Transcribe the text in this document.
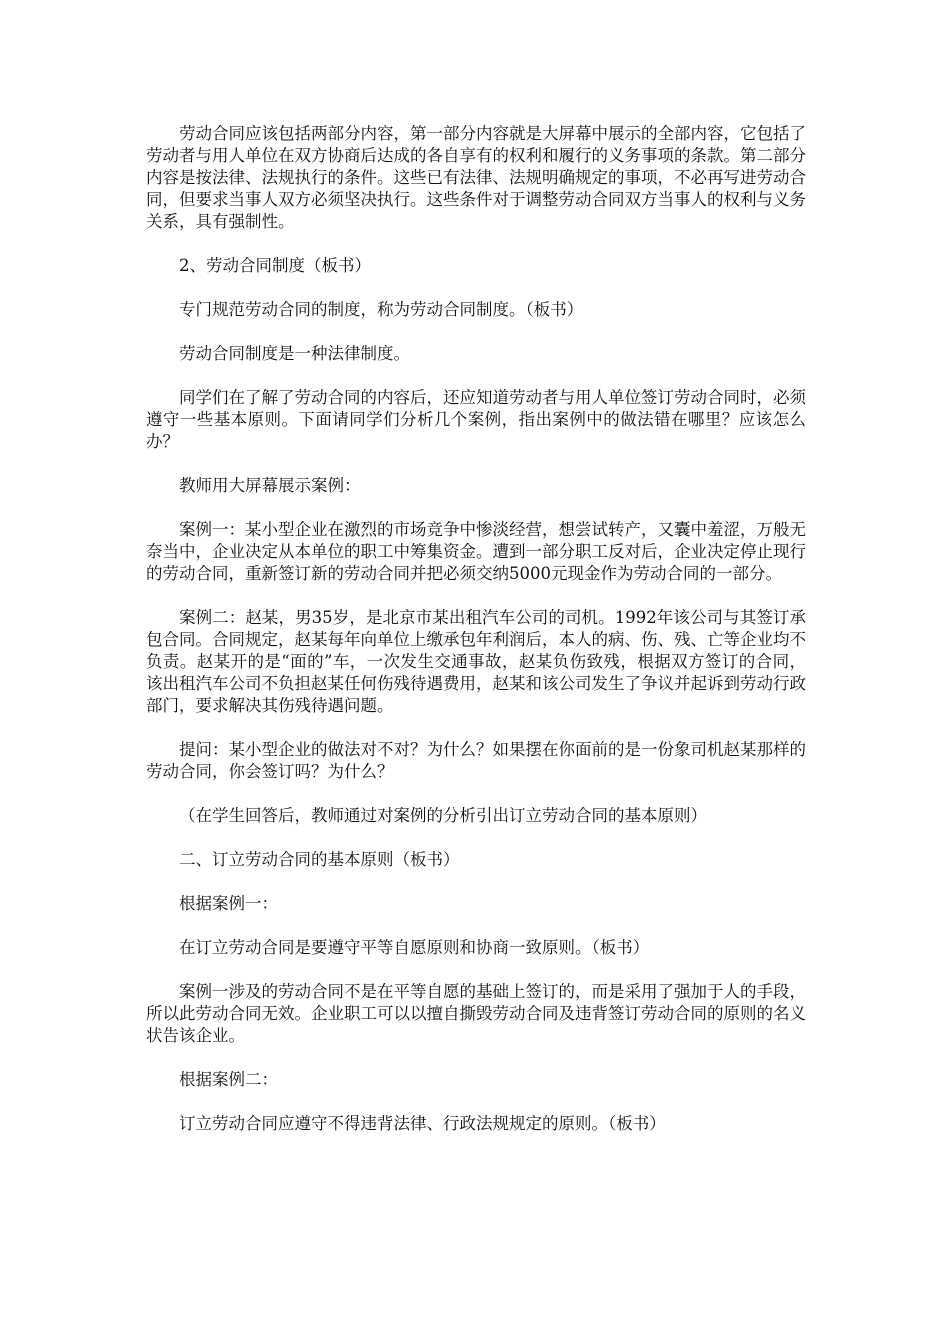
劳动合同应该包括两部分内容，第一部分内容就是大屏幕中展示的全部内容，它包括了劳动者与用人单位在双方协商后达成的各自享有的权利和履行的义务事项的条款。第二部分内容是按法律、法规执行的条件。这些已有法律、法规明确规定的事项，不必再写进劳动合同，但要求当事人双方必须坚决执行。这些条件对于调整劳动合同双方当事人的权利与义务关系，具有强制性。

2、劳动合同制度（板书）

专门规范劳动合同的制度，称为劳动合同制度。（板书）

劳动合同制度是一种法律制度。

同学们在了解了劳动合同的内容后，还应知道劳动者与用人单位签订劳动合同时，必须遵守一些基本原则。下面请同学们分析几个案例，指出案例中的做法错在哪里？应该怎么办？

教师用大屏幕展示案例：

案例一：某小型企业在激烈的市场竞争中惨淡经营，想尝试转产，又囊中羞涩，万般无奈当中，企业决定从本单位的职工中筹集资金。遭到一部分职工反对后，企业决定停止现行的劳动合同，重新签订新的劳动合同并把必须交纳5000元现金作为劳动合同的一部分。

案例二：赵某，男35岁，是北京市某出租汽车公司的司机。1992年该公司与其签订承包合同。合同规定，赵某每年向单位上缴承包年利润后，本人的病、伤、残、亡等企业均不负责。赵某开的是“面的”车，一次发生交通事故，赵某负伤致残，根据双方签订的合同，该出租汽车公司不负担赵某任何伤残待遇费用，赵某和该公司发生了争议并起诉到劳动行政部门，要求解决其伤残待遇问题。

提问：某小型企业的做法对不对？为什么？如果摆在你面前的是一份象司机赵某那样的劳动合同，你会签订吗？为什么？

（在学生回答后，教师通过对案例的分析引出订立劳动合同的基本原则）

二、订立劳动合同的基本原则（板书）

根据案例一：

在订立劳动合同是要遵守平等自愿原则和协商一致原则。（板书）

案例一涉及的劳动合同不是在平等自愿的基础上签订的，而是采用了强加于人的手段，所以此劳动合同无效。企业职工可以以擅自撕毁劳动合同及违背签订劳动合同的原则的名义状告该企业。

根据案例二：

订立劳动合同应遵守不得违背法律、行政法规规定的原则。（板书）
